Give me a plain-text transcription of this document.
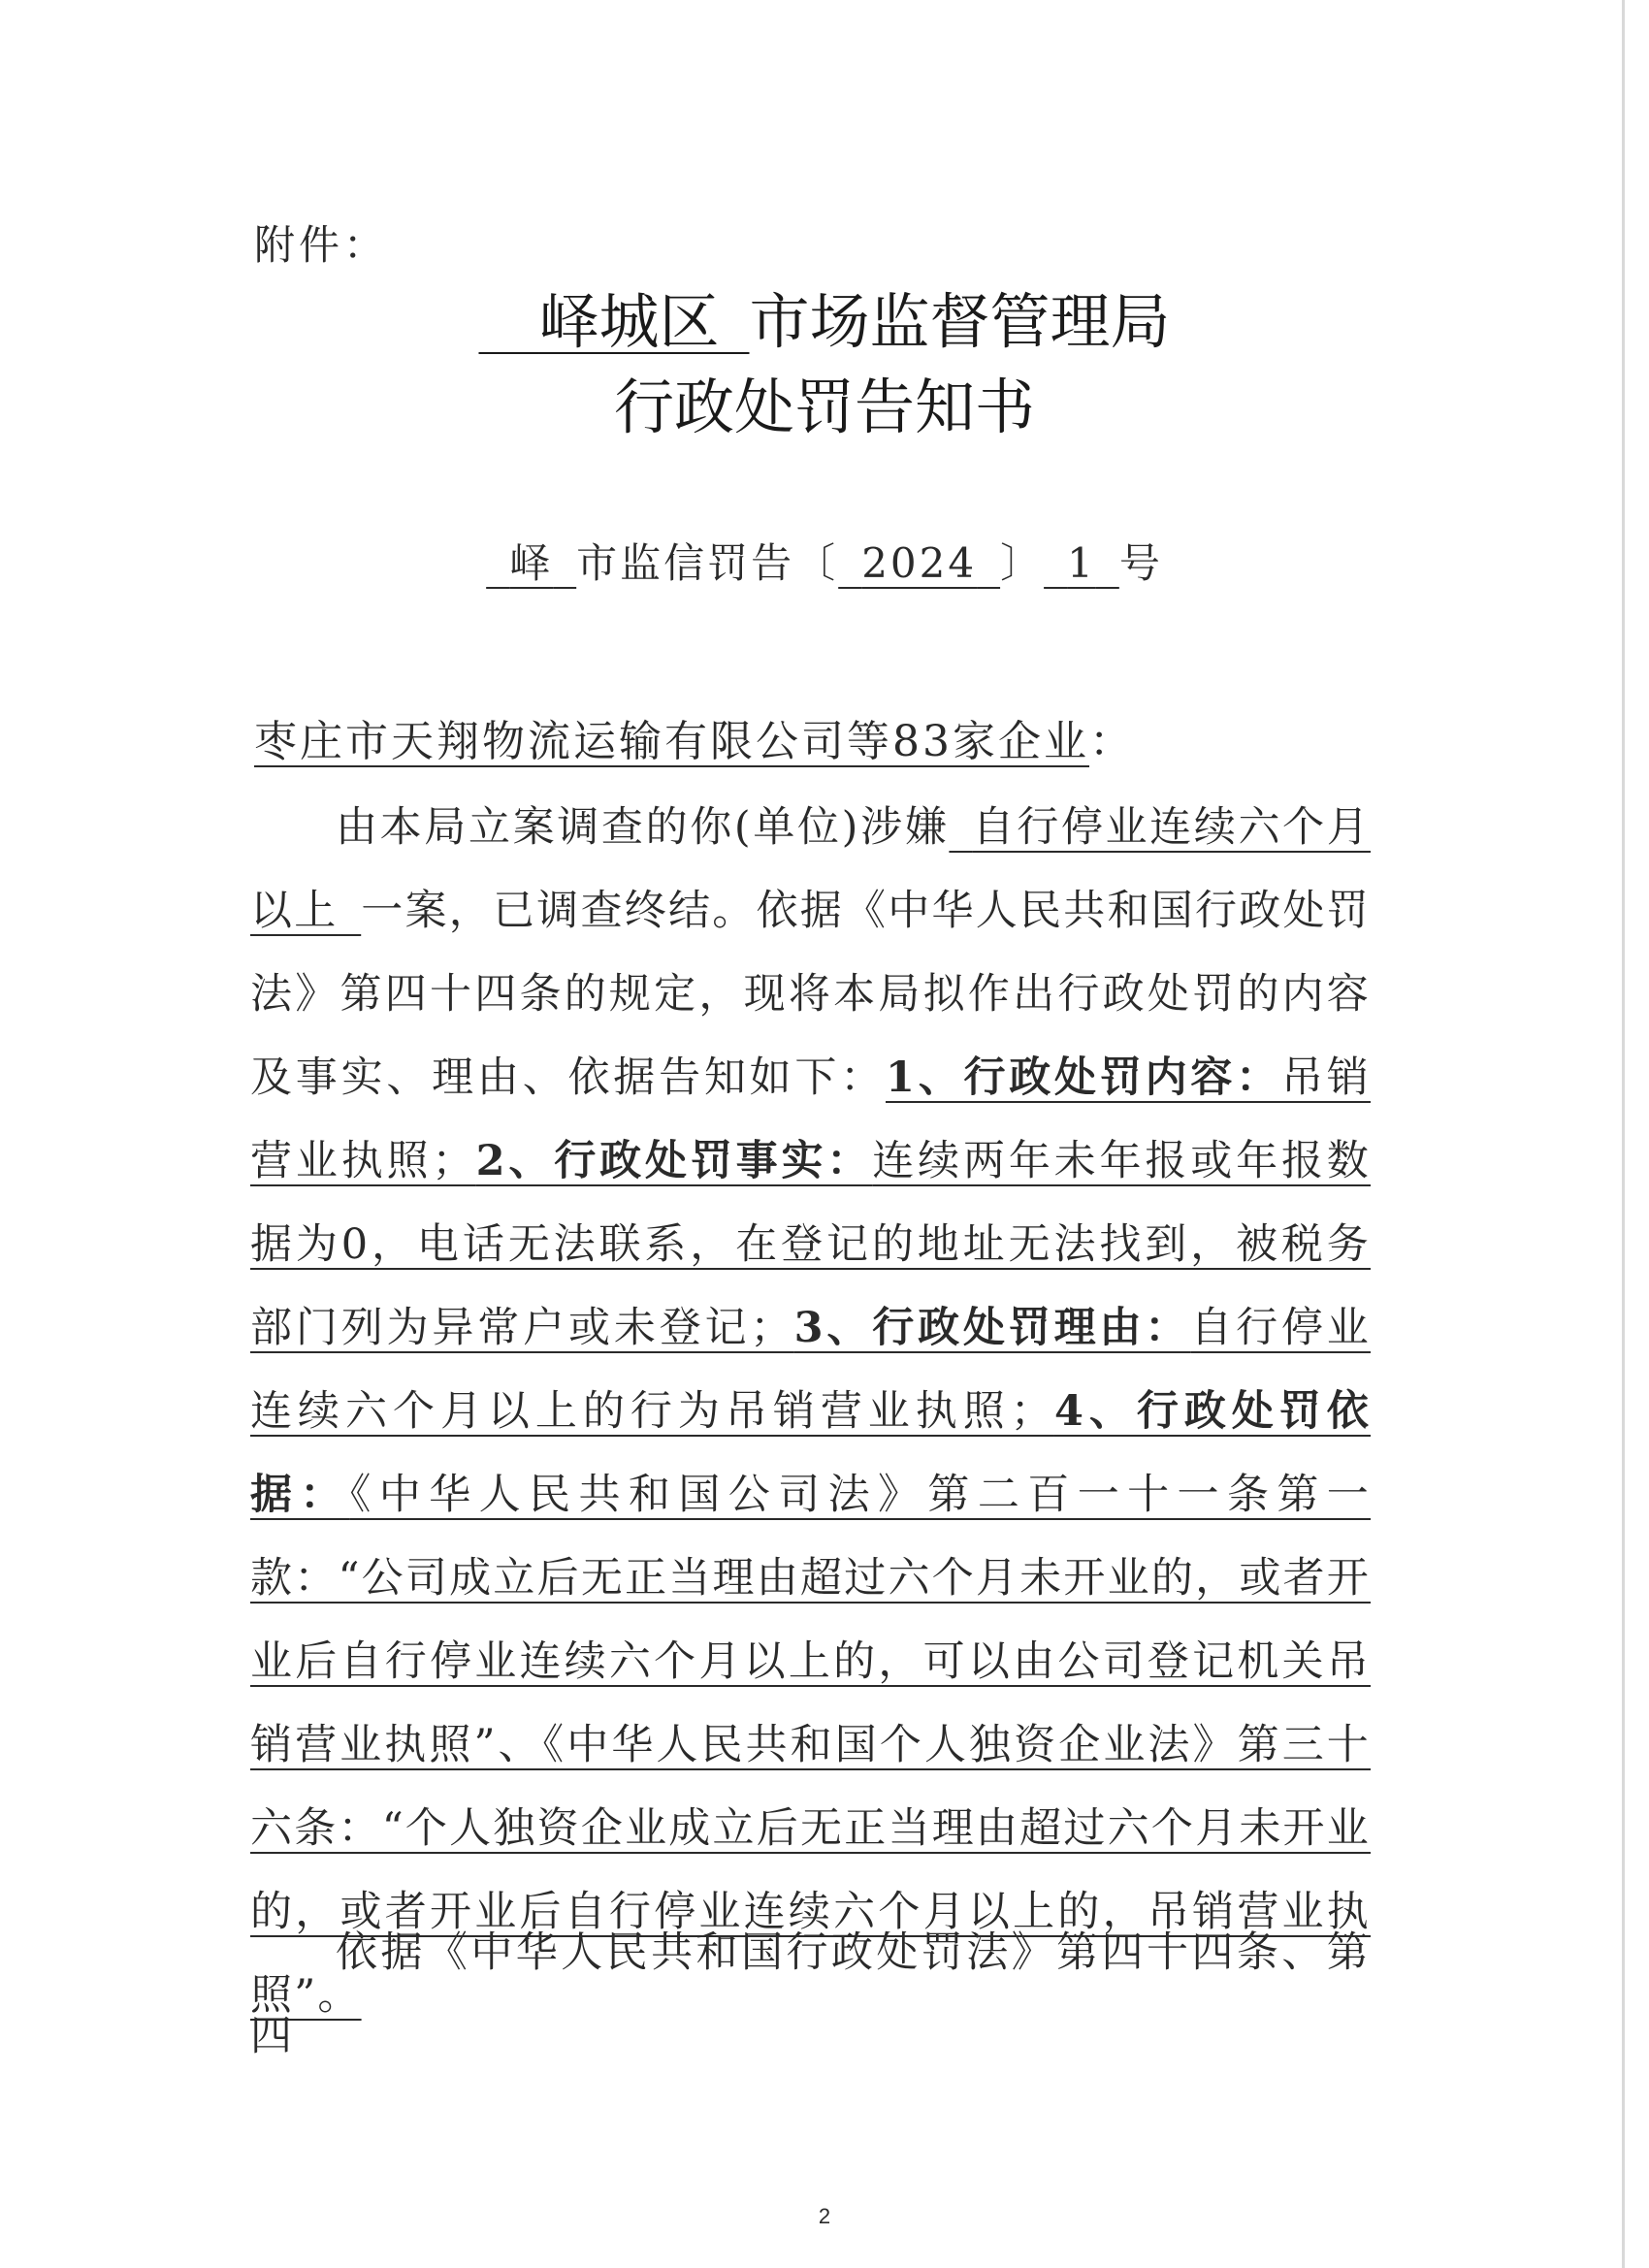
附件：
 峄城区  市场监督管理局
行政处罚告知书
 峄  市监信罚告〔  2024  〕  1  号
枣庄市天翔物流运输有限公司等83家企业：
由本局立案调查的你(单位)涉嫌  自行停业连续六个月以上  一案，已调查终结。依据《中华人民共和国行政处罚法》第四十四条的规定，现将本局拟作出行政处罚的内容及事实、理由、依据告知如下：1、行政处罚内容：吊销营业执照；2、行政处罚事实：连续两年未年报或年报数据为0，电话无法联系，在登记的地址无法找到，被税务部门列为异常户或未登记；3、行政处罚理由：自行停业连续六个月以上的行为吊销营业执照；4、行政处罚依据：《中华人民共和国公司法》第二百一十一条第一款：“公司成立后无正当理由超过六个月未开业的，或者开业后自行停业连续六个月以上的，可以由公司登记机关吊销营业执照”、《中华人民共和国个人独资企业法》第三十六条：“个人独资企业成立后无正当理由超过六个月未开业的，或者开业后自行停业连续六个月以上的，吊销营业执照”。
依据《中华人民共和国行政处罚法》第四十四条、第四
2
